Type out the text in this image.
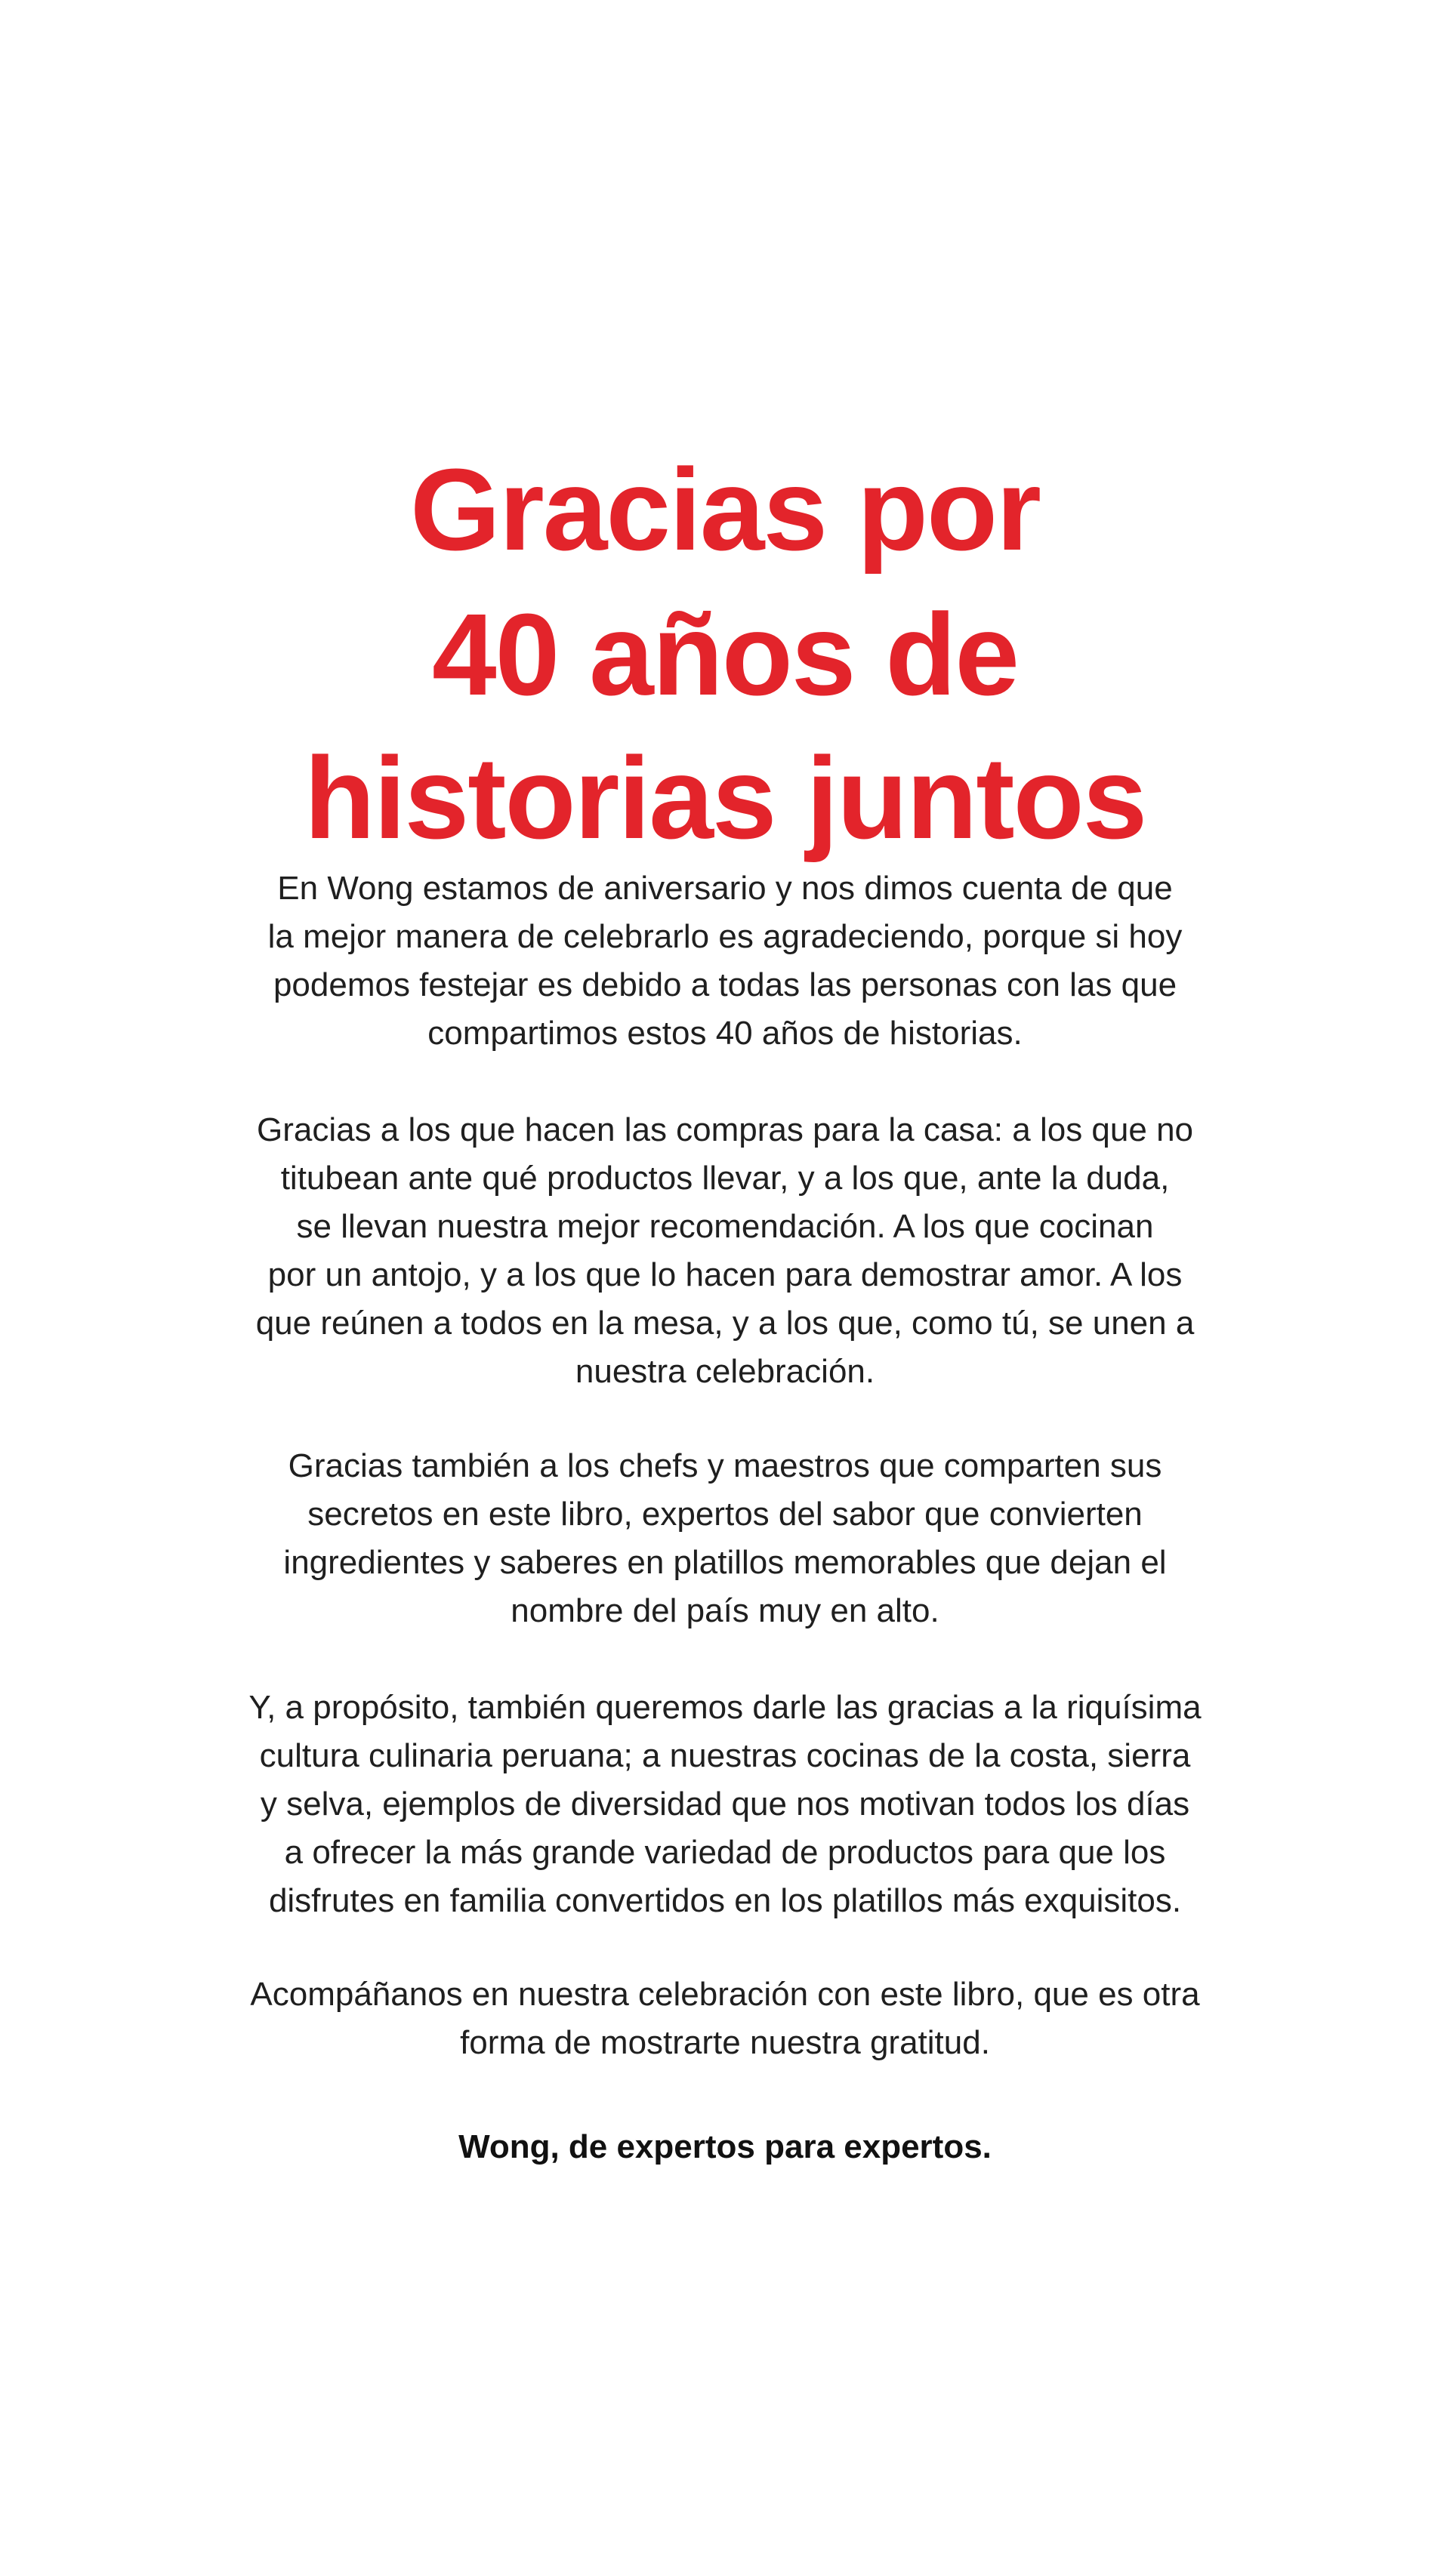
Gracias por
40 años de
historias juntos
En Wong estamos de aniversario y nos dimos cuenta de que
la mejor manera de celebrarlo es agradeciendo, porque si hoy
podemos festejar es debido a todas las personas con las que
compartimos estos 40 años de historias.
Gracias a los que hacen las compras para la casa: a los que no
titubean ante qué productos llevar, y a los que, ante la duda,
se llevan nuestra mejor recomendación. A los que cocinan
por un antojo, y a los que lo hacen para demostrar amor. A los
que reúnen a todos en la mesa, y a los que, como tú, se unen a
nuestra celebración.
Gracias también a los chefs y maestros que comparten sus
secretos en este libro, expertos del sabor que convierten
ingredientes y saberes en platillos memorables que dejan el
nombre del país muy en alto.
Y, a propósito, también queremos darle las gracias a la riquísima
cultura culinaria peruana; a nuestras cocinas de la costa, sierra
y selva, ejemplos de diversidad que nos motivan todos los días
a ofrecer la más grande variedad de productos para que los
disfrutes en familia convertidos en los platillos más exquisitos.
Acompáñanos en nuestra celebración con este libro, que es otra
forma de mostrarte nuestra gratitud.
Wong, de expertos para expertos.
